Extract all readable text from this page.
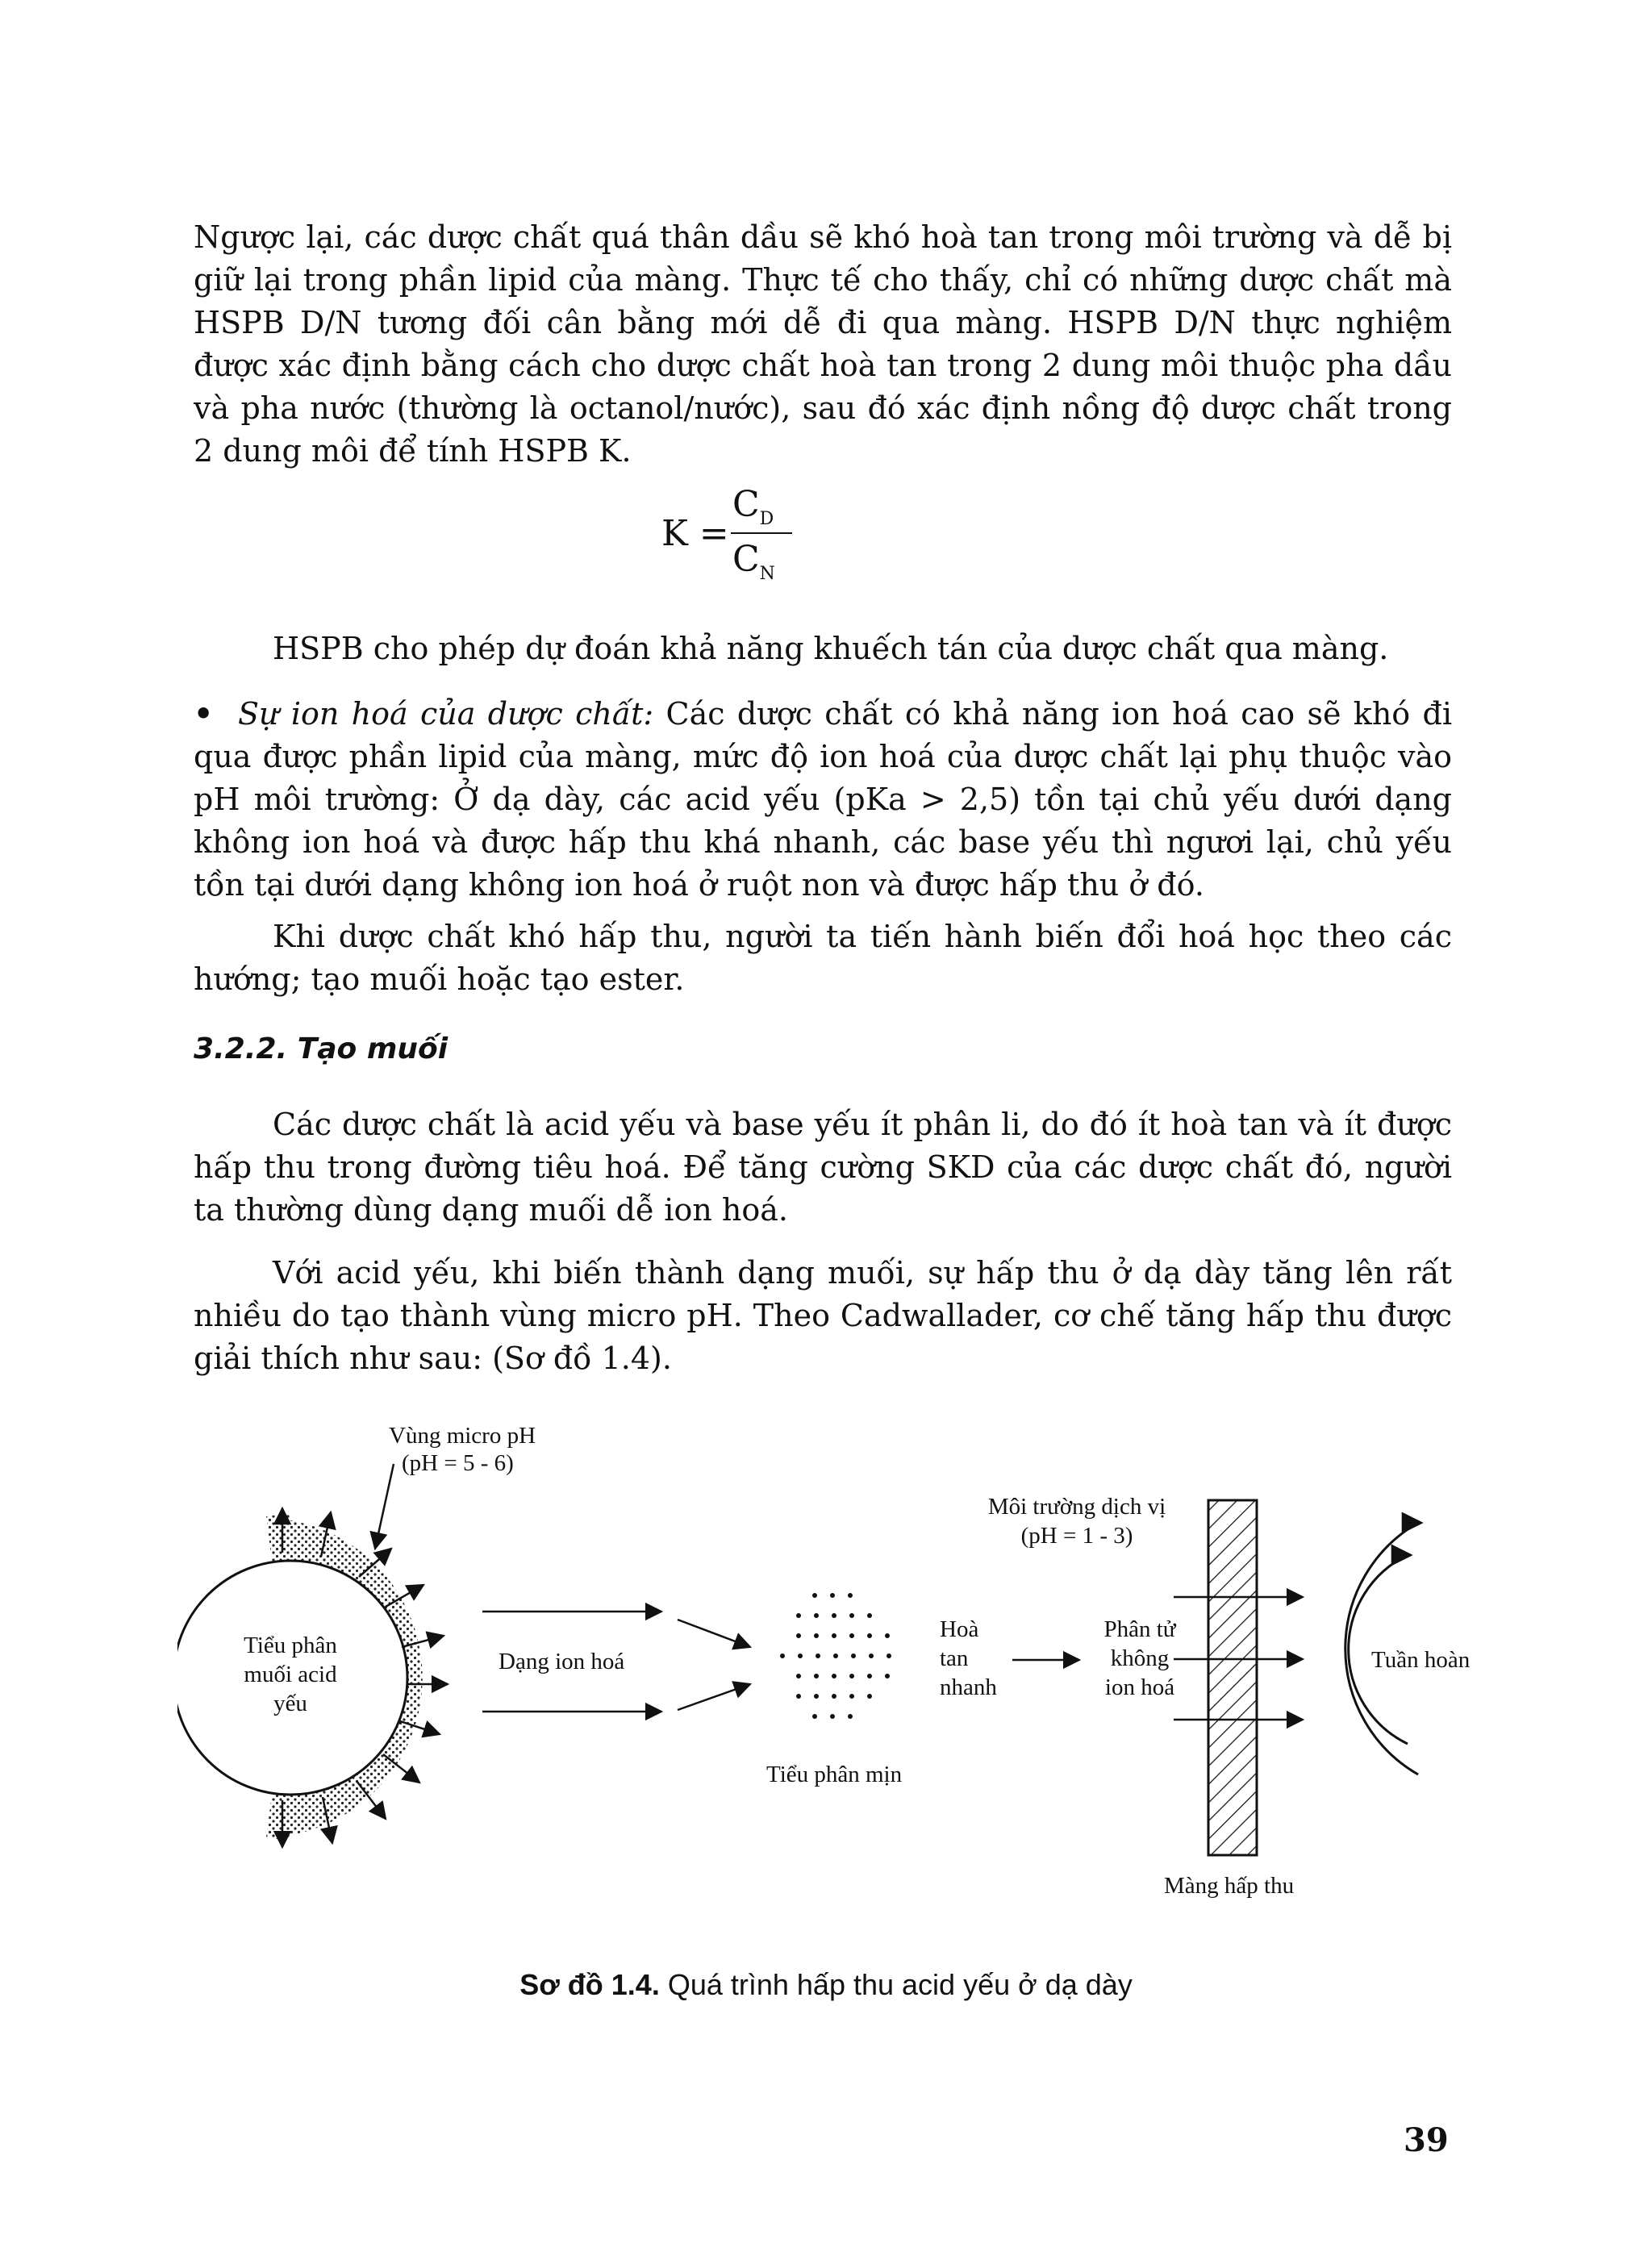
Ngược lại, các dược chất quá thân dầu sẽ khó hoà tan trong môi trường và dễ bị giữ lại trong phần lipid của màng. Thực tế cho thấy, chỉ có những dược chất mà HSPB D/N tương đối cân bằng mới dễ đi qua màng. HSPB D/N thực nghiệm được xác định bằng cách cho dược chất hoà tan trong 2 dung môi thuộc pha dầu và pha nước (thường là octanol/nước), sau đó xác định nồng độ dược chất trong 2 dung môi để tính HSPB K.

K =
$C_D$
$C_N$

HSPB cho phép dự đoán khả năng khuếch tán của dược chất qua màng.

• Sự ion hoá của dược chất: Các dược chất có khả năng ion hoá cao sẽ khó đi qua được phần lipid của màng, mức độ ion hoá của dược chất lại phụ thuộc vào pH môi trường: Ở dạ dày, các acid yếu (pKa > 2,5) tồn tại chủ yếu dưới dạng không ion hoá và được hấp thu khá nhanh, các base yếu thì ngươi lại, chủ yếu tồn tại dưới dạng không ion hoá ở ruột non và được hấp thu ở đó.

Khi dược chất khó hấp thu, người ta tiến hành biến đổi hoá học theo các hướng; tạo muối hoặc tạo ester.

3.2.2. Tạo muối

Các dược chất là acid yếu và base yếu ít phân li, do đó ít hoà tan và ít được hấp thu trong đường tiêu hoá. Để tăng cường SKD của các dược chất đó, người ta thường dùng dạng muối dễ ion hoá.

Với acid yếu, khi biến thành dạng muối, sự hấp thu ở dạ dày tăng lên rất nhiều do tạo thành vùng micro pH. Theo Cadwallader, cơ chế tăng hấp thu được giải thích như sau: (Sơ đồ 1.4).

Vùng micro pH

(pH = 5 - 6)

Tiểu phân
muối acid
yếu

Dạng ion hoá

Tiểu phân mịn

Môi trường dịch vị

(pH = 1 - 3)

Hoà
tan
nhanh
Phân tử
không
ion hoá

Tuần hoàn

Màng hấp thu

Sơ đồ 1.4. Quá trình hấp thu acid yếu ở dạ dày

39
